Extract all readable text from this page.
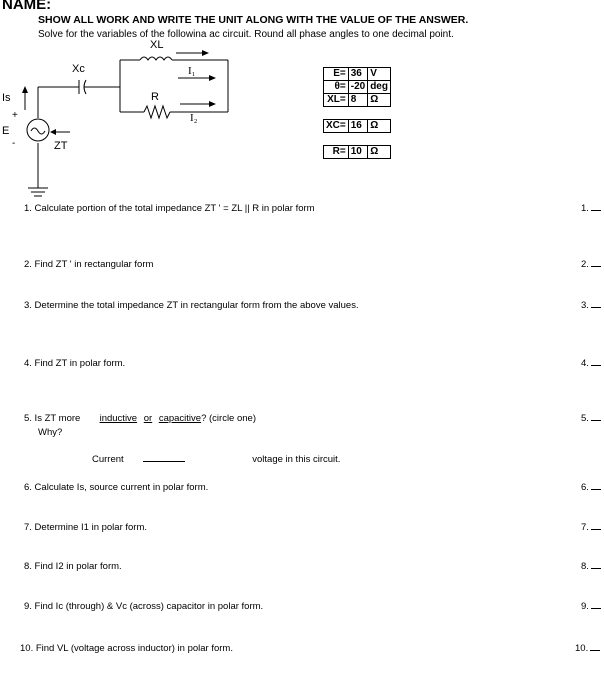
NAME:
SHOW ALL WORK AND WRITE THE UNIT ALONG WITH THE VALUE OF THE ANSWER.
Solve for the variables of the followina ac circuit. Round all phase angles to one decimal point.
Xc
XL
R
I₁
I₂
Is
E
ZT
+
-
E=	36	V
θ=	-20	deg
XL=	8	Ω

XC=	16	Ω

R=	10	Ω
1. Calculate portion of the total impedance ZT ' = ZL || R in polar form	1.
2. Find ZT ' in rectangular form	2.
3. Determine the total impedance ZT in rectangular form from the above values.	3.
4. Find ZT in polar form.	4.
5. Is ZT more inductive or capacitive? (circle one)
Why?
5.
Current	voltage in this circuit.
6. Calculate Is, source current in polar form.	6.
7. Determine I1 in polar form.	7.
8. Find I2 in polar form.	8.
9. Find Ic (through) & Vc (across) capacitor in polar form.	9.
10. Find VL (voltage across inductor) in polar form.	10.
